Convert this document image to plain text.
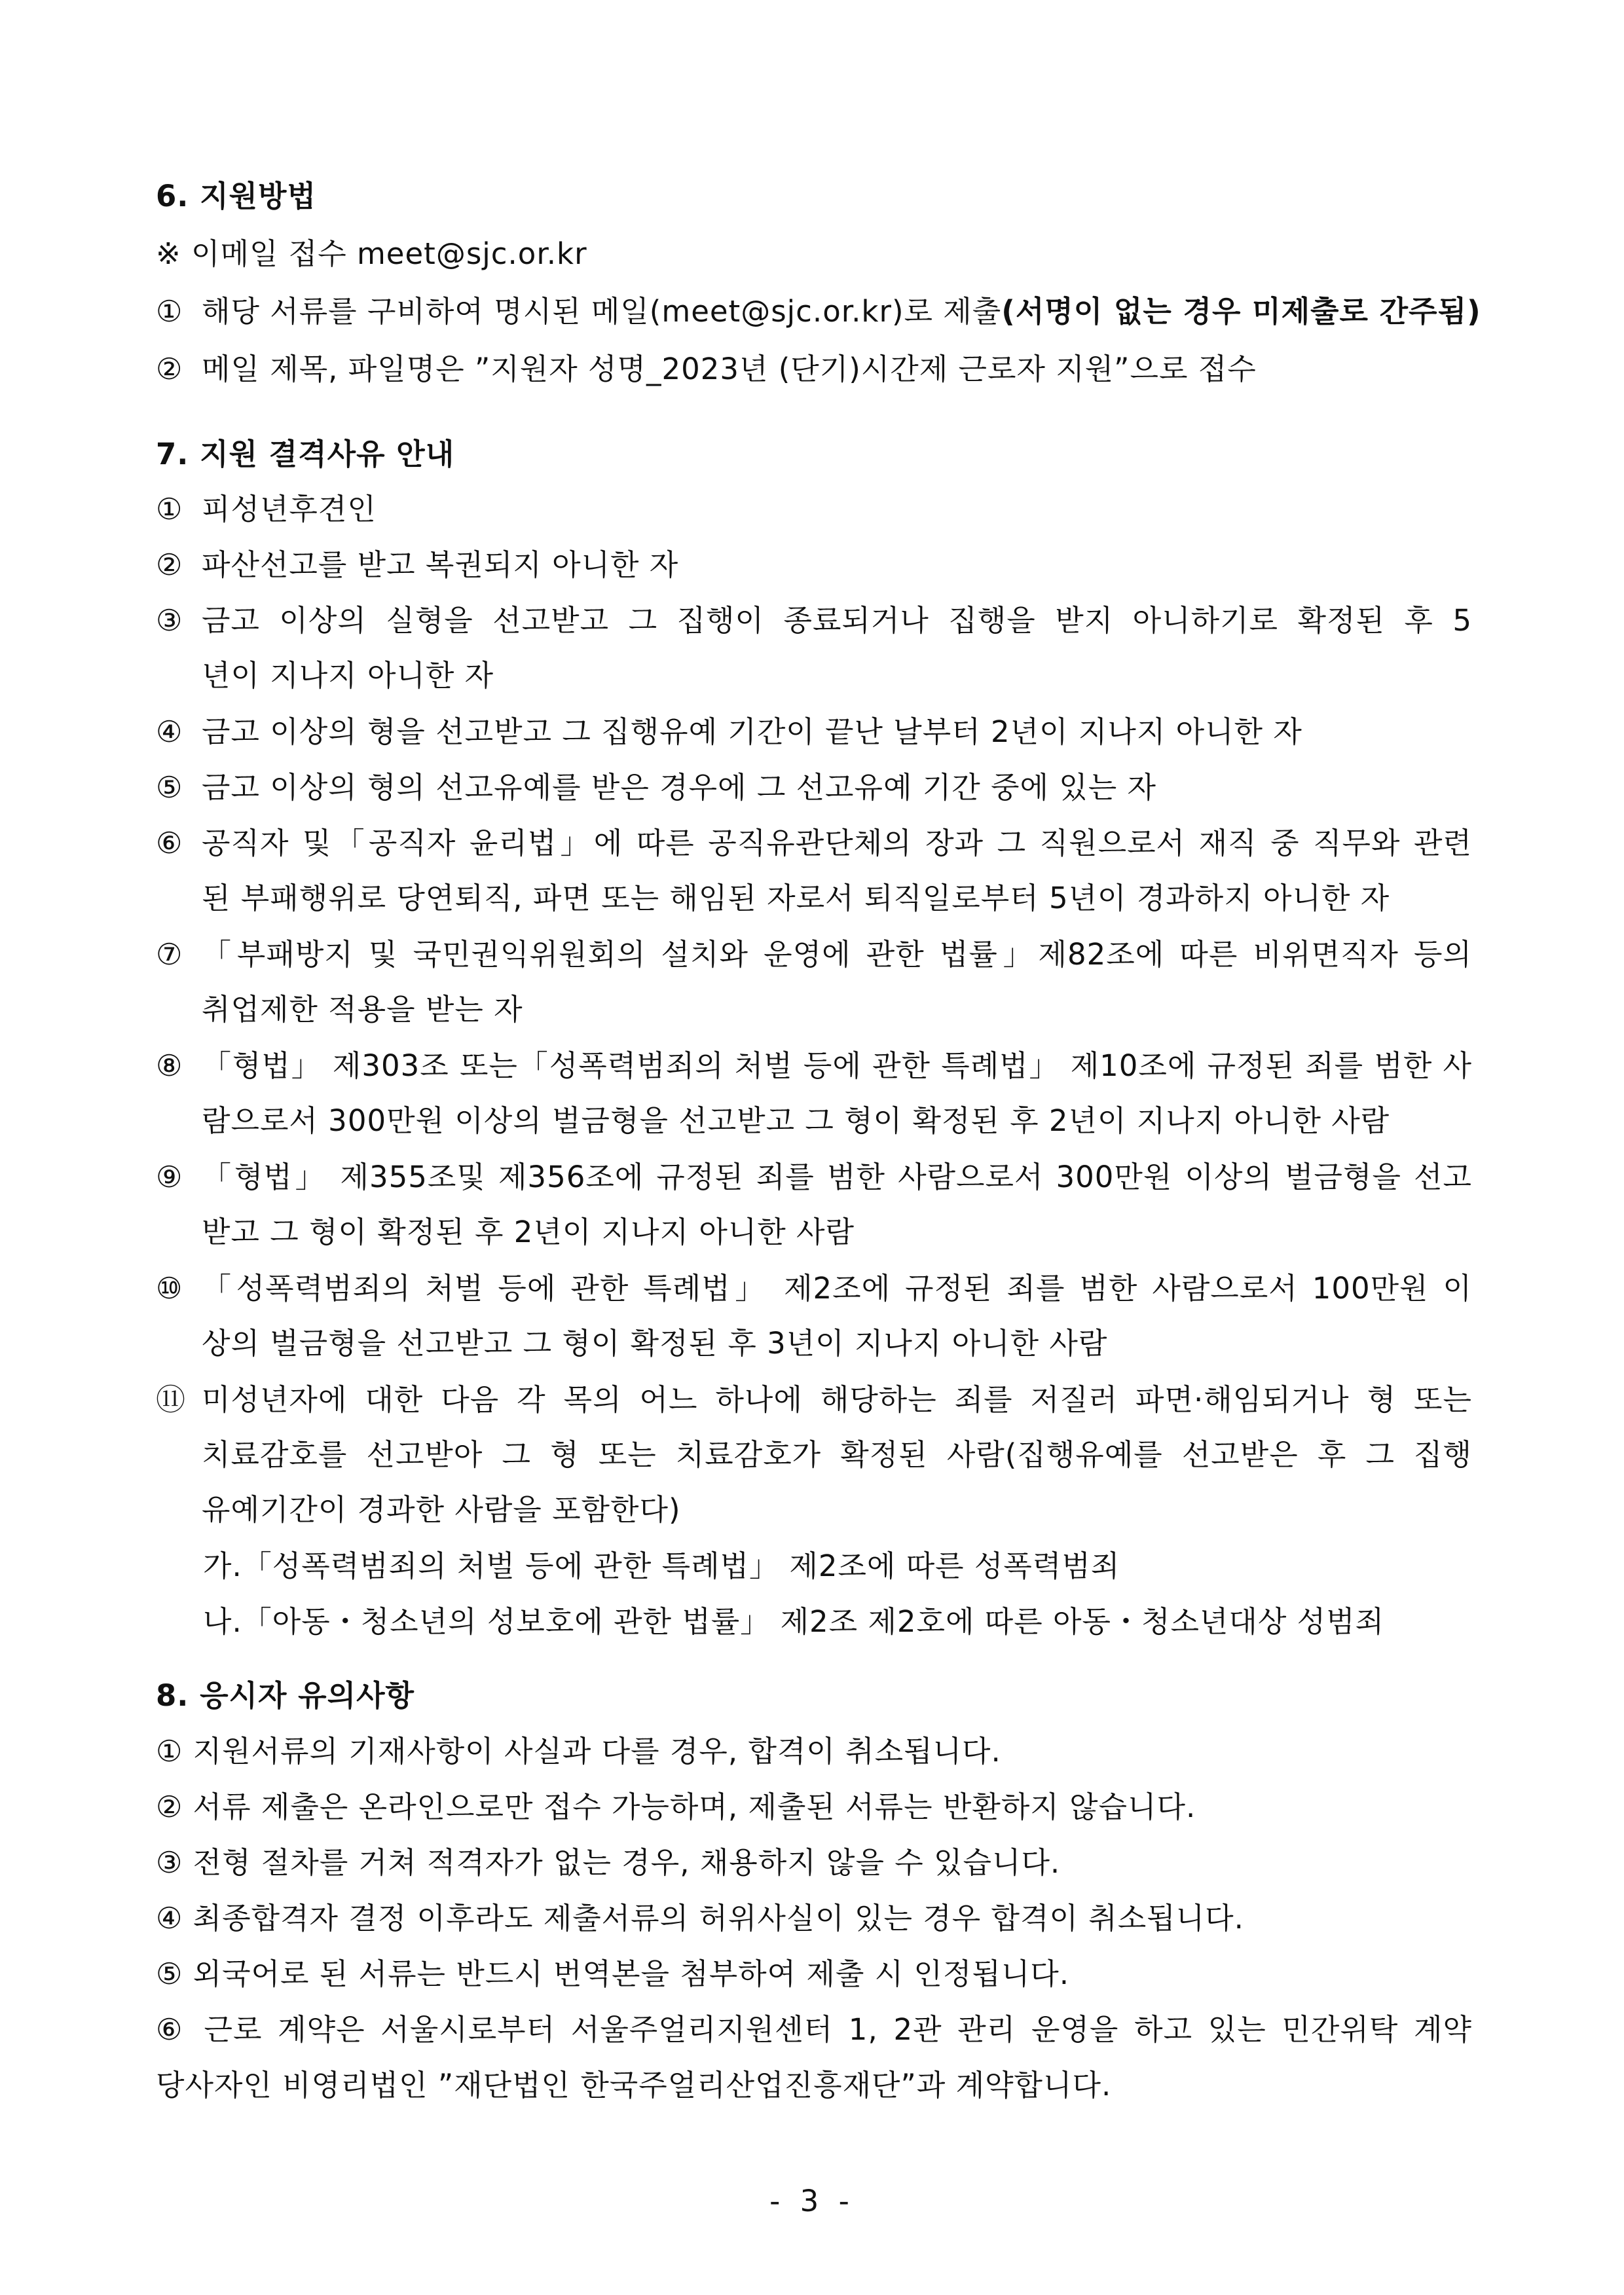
6. 지원방법
※ 이메일 접수 meet@sjc.or.kr
① 해당 서류를 구비하여 명시된 메일(meet@sjc.or.kr)로 제출(서명이 없는 경우 미제출로 간주됨)
② 메일 제목, 파일명은 ”지원자 성명_2023년 (단기)시간제 근로자 지원”으로 접수
7. 지원 결격사유 안내
① 피성년후견인
② 파산선고를 받고 복권되지 아니한 자
③ 금고 이상의 실형을 선고받고 그 집행이 종료되거나 집행을 받지 아니하기로 확정된 후 5
년이 지나지 아니한 자
④ 금고 이상의 형을 선고받고 그 집행유예 기간이 끝난 날부터 2년이 지나지 아니한 자
⑤ 금고 이상의 형의 선고유예를 받은 경우에 그 선고유예 기간 중에 있는 자
⑥ 공직자 및「공직자 윤리법」에 따른 공직유관단체의 장과 그 직원으로서 재직 중 직무와 관련
된 부패행위로 당연퇴직, 파면 또는 해임된 자로서 퇴직일로부터 5년이 경과하지 아니한 자
⑦ 「부패방지 및 국민권익위원회의 설치와 운영에 관한 법률」제82조에 따른 비위면직자 등의
취업제한 적용을 받는 자
⑧ 「형법」 제303조 또는「성폭력범죄의 처벌 등에 관한 특례법」 제10조에 규정된 죄를 범한 사
람으로서 300만원 이상의 벌금형을 선고받고 그 형이 확정된 후 2년이 지나지 아니한 사람
⑨ 「형법」 제355조및 제356조에 규정된 죄를 범한 사람으로서 300만원 이상의 벌금형을 선고
받고 그 형이 확정된 후 2년이 지나지 아니한 사람
⑩ 「성폭력범죄의 처벌 등에 관한 특례법」 제2조에 규정된 죄를 범한 사람으로서 100만원 이
상의 벌금형을 선고받고 그 형이 확정된 후 3년이 지나지 아니한 사람
⑪ 미성년자에 대한 다음 각 목의 어느 하나에 해당하는 죄를 저질러 파면·해임되거나 형 또는
치료감호를 선고받아 그 형 또는 치료감호가 확정된 사람(집행유예를 선고받은 후 그 집행
유예기간이 경과한 사람을 포함한다)
가.「성폭력범죄의 처벌 등에 관한 특례법」 제2조에 따른 성폭력범죄
나.「아동・청소년의 성보호에 관한 법률」 제2조 제2호에 따른 아동・청소년대상 성범죄
8. 응시자 유의사항
① 지원서류의 기재사항이 사실과 다를 경우, 합격이 취소됩니다.
② 서류 제출은 온라인으로만 접수 가능하며, 제출된 서류는 반환하지 않습니다.
③ 전형 절차를 거쳐 적격자가 없는 경우, 채용하지 않을 수 있습니다.
④ 최종합격자 결정 이후라도 제출서류의 허위사실이 있는 경우 합격이 취소됩니다.
⑤ 외국어로 된 서류는 반드시 번역본을 첨부하여 제출 시 인정됩니다.
⑥ 근로 계약은 서울시로부터 서울주얼리지원센터 1, 2관 관리 운영을 하고 있는 민간위탁 계약
당사자인 비영리법인 ”재단법인 한국주얼리산업진흥재단”과 계약합니다.
- 3 -
